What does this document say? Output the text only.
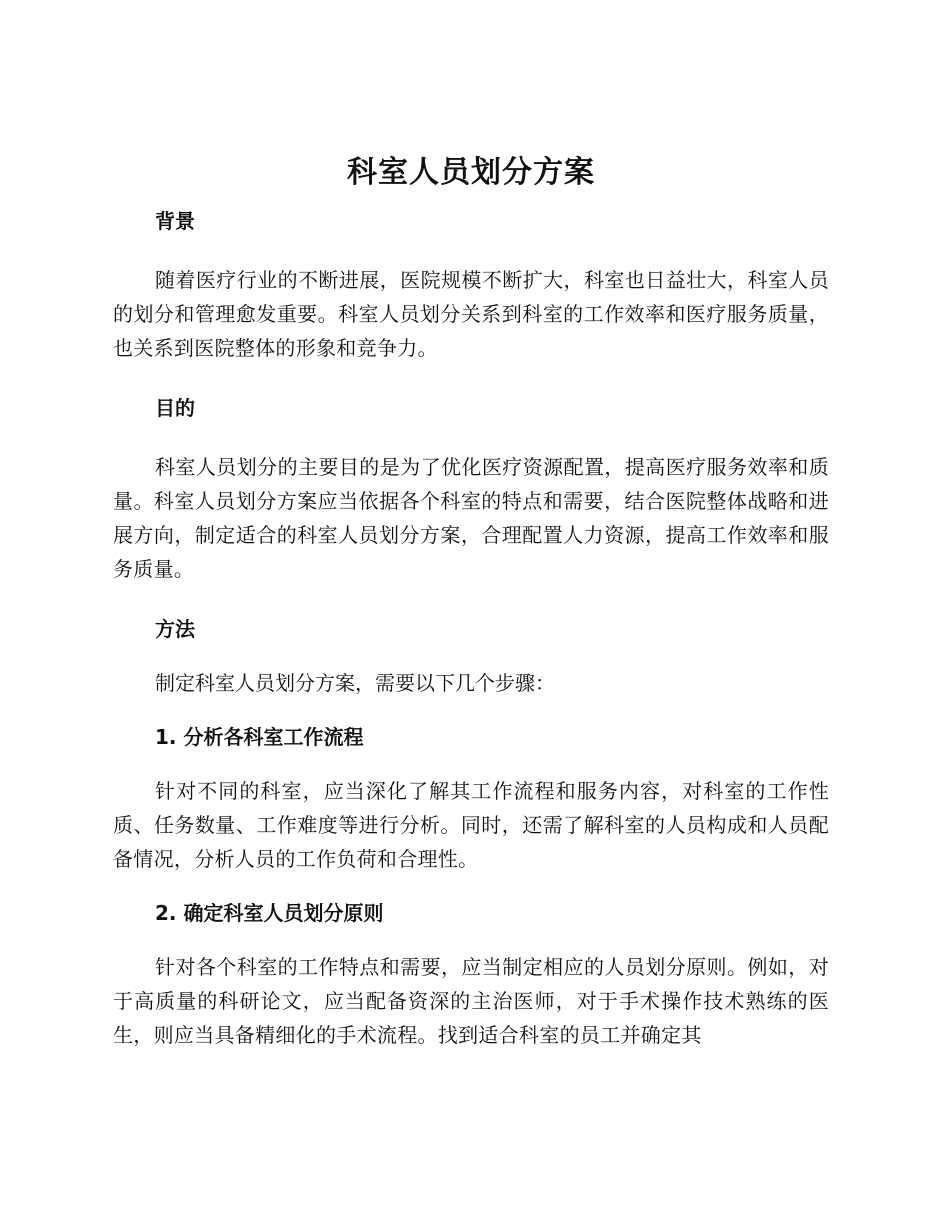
科室人员划分方案
背景

随着医疗行业的不断进展，医院规模不断扩大，科室也日益壮大，科室人员的划分和管理愈发重要。科室人员划分关系到科室的工作效率和医疗服务质量，也关系到医院整体的形象和竞争力。

目的

科室人员划分的主要目的是为了优化医疗资源配置，提高医疗服务效率和质量。科室人员划分方案应当依据各个科室的特点和需要，结合医院整体战略和进展方向，制定适合的科室人员划分方案，合理配置人力资源，提高工作效率和服务质量。

方法

制定科室人员划分方案，需要以下几个步骤：

1. 分析各科室工作流程

针对不同的科室，应当深化了解其工作流程和服务内容，对科室的工作性质、任务数量、工作难度等进行分析。同时，还需了解科室的人员构成和人员配备情况，分析人员的工作负荷和合理性。

2. 确定科室人员划分原则

针对各个科室的工作特点和需要，应当制定相应的人员划分原则。例如，对于高质量的科研论文，应当配备资深的主治医师，对于手术操作技术熟练的医生，则应当具备精细化的手术流程。找到适合科室的员工并确定其
